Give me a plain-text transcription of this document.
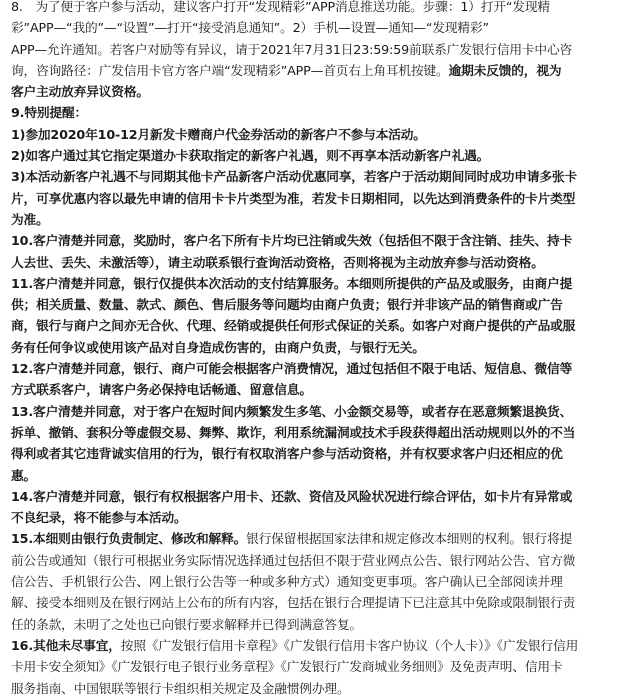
8.　为了便于客户参与活动，建议客户打开“发现精彩”APP消息推送功能。步骤：1）打开“发现精
彩”APP—“我的”—“设置”—打开“接受消息通知”。2）手机—设置—通知—“发现精彩”
APP—允许通知。若客户对励等有异议，请于2021年7月31日23:59:59前联系广发银行信用卡中心咨
询，咨询路径：广发信用卡官方客户端“发现精彩”APP—首页右上角耳机按键。逾期未反馈的，视为
客户主动放弃异议资格。
9.特别提醒：
1)参加2020年10-12月新发卡赠商户代金券活动的新客户不参与本活动。
2)如客户通过其它指定渠道办卡获取指定的新客户礼遇，则不再享本活动新客户礼遇。
3)本活动新客户礼遇不与同期其他卡产品新客户活动优惠同享，若客户于活动期间同时成功申请多张卡
片，可享优惠内容以最先申请的信用卡卡片类型为准，若发卡日期相同，以先达到消费条件的卡片类型
为准。
10.客户清楚并同意，奖励时，客户名下所有卡片均已注销或失效（包括但不限于含注销、挂失、持卡
人去世、丢失、未激活等），请主动联系银行查询活动资格，否则将视为主动放弃参与活动资格。
11.客户清楚并同意，银行仅提供本次活动的支付结算服务。本细则所提供的产品及或服务，由商户提
供；相关质量、数量、款式、颜色、售后服务等问题均由商户负责；银行并非该产品的销售商或广告
商，银行与商户之间亦无合伙、代理、经销或提供任何形式保证的关系。如客户对商户提供的产品或服
务有任何争议或使用该产品对自身造成伤害的，由商户负责，与银行无关。
12.客户清楚并同意，银行、商户可能会根据客户消费情况，通过包括但不限于电话、短信息、微信等
方式联系客户，请客户务必保持电话畅通、留意信息。
13.客户清楚并同意，对于客户在短时间内频繁发生多笔、小金额交易等，或者存在恶意频繁退换货、
拆单、撤销、套积分等虚假交易、舞弊、欺诈，利用系统漏洞或技术手段获得超出活动规则以外的不当
得利或者其它违背诚实信用的行为，银行有权取消客户参与活动资格，并有权要求客户归还相应的优
惠。
14.客户清楚并同意，银行有权根据客户用卡、还款、资信及风险状况进行综合评估，如卡片有异常或
不良纪录，将不能参与本活动。
15.本细则由银行负责制定、修改和解释。银行保留根据国家法律和规定修改本细则的权利。银行将提
前公告或通知（银行可根据业务实际情况选择通过包括但不限于营业网点公告、银行网站公告、官方微
信公告、手机银行公告、网上银行公告等一种或多种方式）通知变更事项。客户确认已全部阅读并理
解、接受本细则及在银行网站上公布的所有内容，包括在银行合理提请下已注意其中免除或限制银行责
任的条款，未明了之处也已向银行要求解释并已得到满意答复。
16.其他未尽事宜，按照《广发银行信用卡章程》《广发银行信用卡客户协议（个人卡）》《广发银行信用
卡用卡安全须知》《广发银行电子银行业务章程》《广发银行广发商城业务细则》及免责声明、信用卡
服务指南、中国银联等银行卡组织相关规定及金融惯例办理。
